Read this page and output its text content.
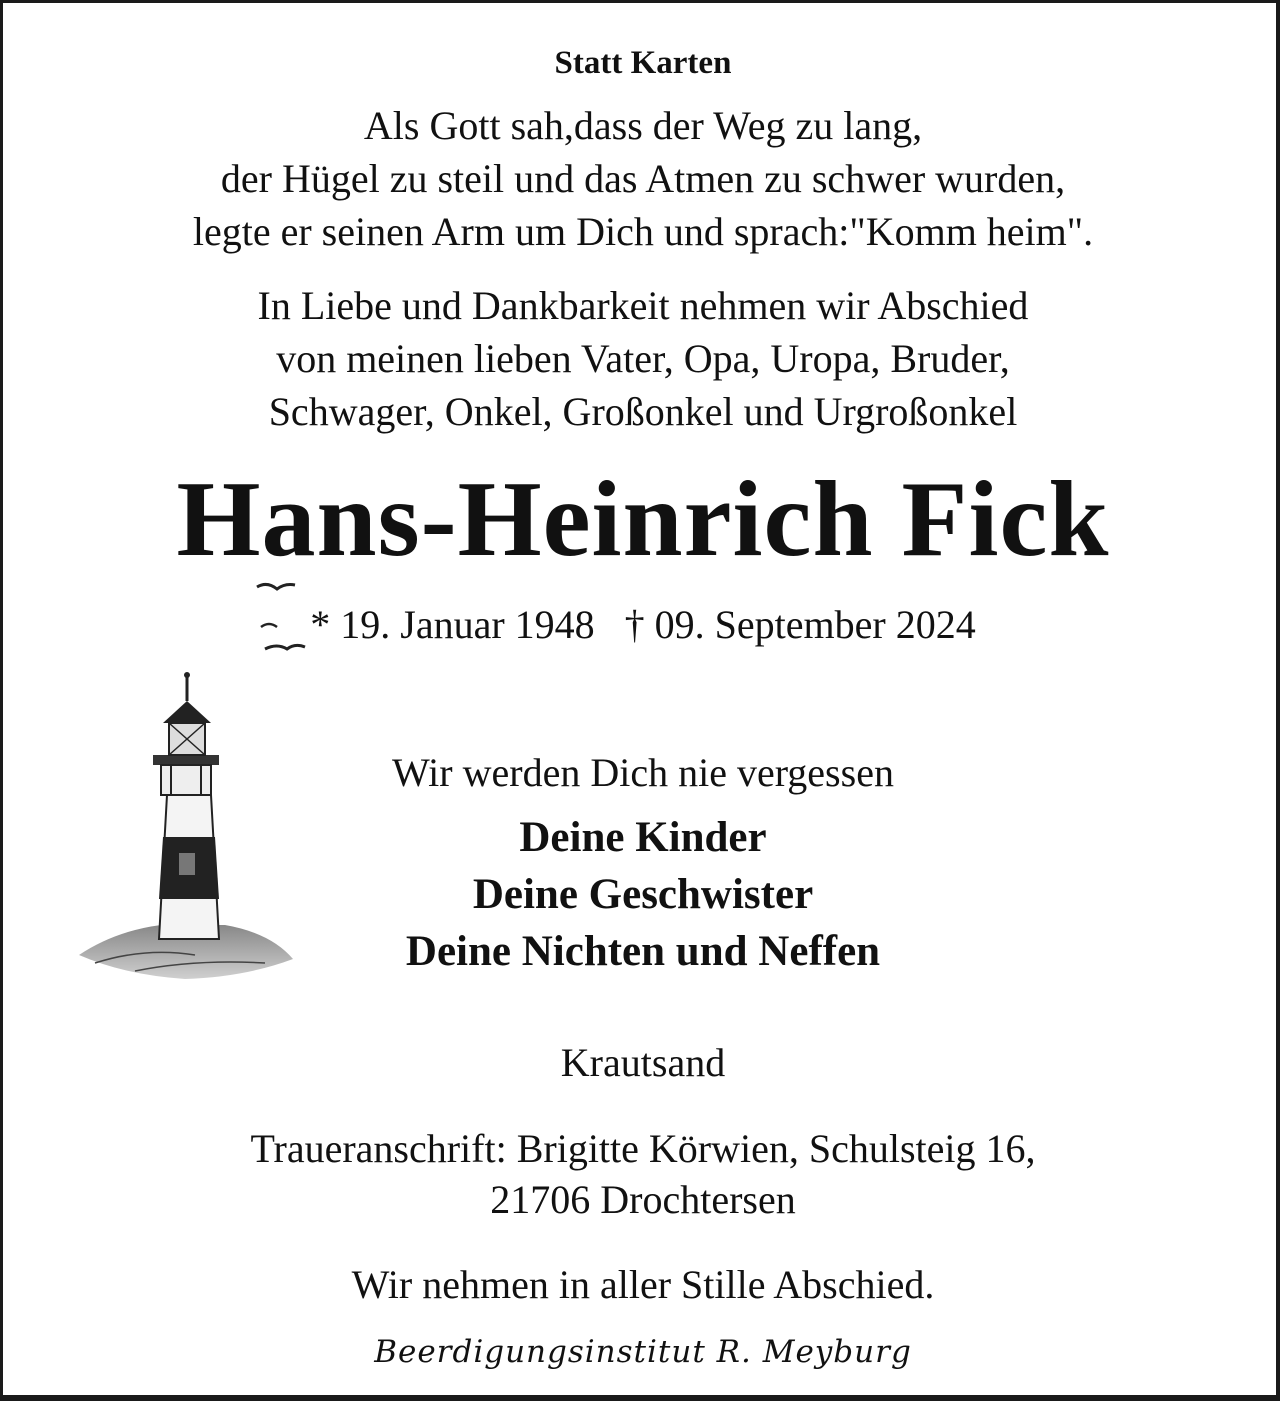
Statt Karten
Als Gott sah,dass der Weg zu lang,
der Hügel zu steil und das Atmen zu schwer wurden,
legte er seinen Arm um Dich und sprach:"Komm heim".
In Liebe und Dankbarkeit nehmen wir Abschied
von meinen lieben Vater, Opa, Uropa, Bruder,
Schwager, Onkel, Großonkel und Urgroßonkel
Hans-Heinrich Fick
* 19. Januar 1948 † 09. September 2024
Wir werden Dich nie vergessen
Deine Kinder
Deine Geschwister
Deine Nichten und Neffen
Krautsand
Traueranschrift: Brigitte Körwien, Schulsteig 16,
21706 Drochtersen
Wir nehmen in aller Stille Abschied.
Beerdigungsinstitut R. Meyburg
